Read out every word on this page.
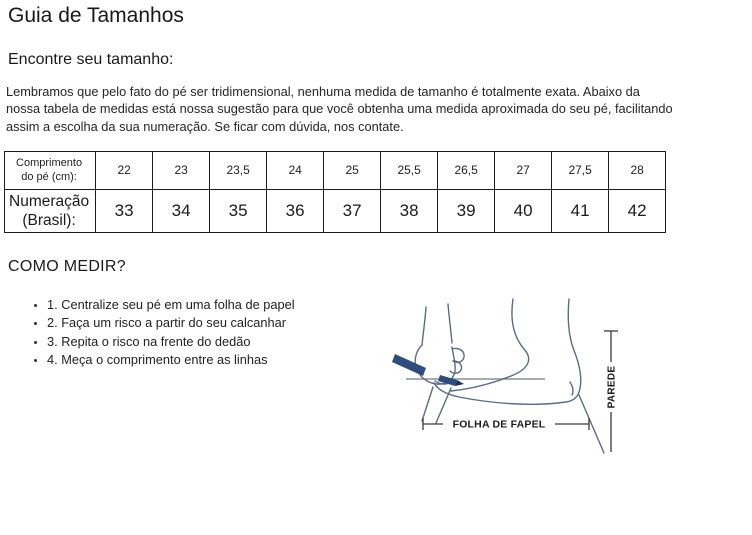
Guia de Tamanhos
Encontre seu tamanho:
Lembramos que pelo fato do pé ser tridimensional, nenhuma medida de tamanho é totalmente exata. Abaixo da
nossa tabela de medidas está nossa sugestão para que você obtenha uma medida aproximada do seu pé, facilitando
assim a escolha da sua numeração. Se ficar com dúvida, nos contate.
Comprimento
do pé (cm):	22	23	23,5	24	25	25,5	26,5	27	27,5	28

Numeração
(Brasil):	33	34	35	36	37	38	39	40	41	42
COMO MEDIR?
• 1. Centralize seu pé em uma folha de papel
• 2. Faça um risco a partir do seu calcanhar
• 3. Repita o risco na frente do dedão
• 4. Meça o comprimento entre as linhas
FOLHA DE FAPEL
PAREDE
